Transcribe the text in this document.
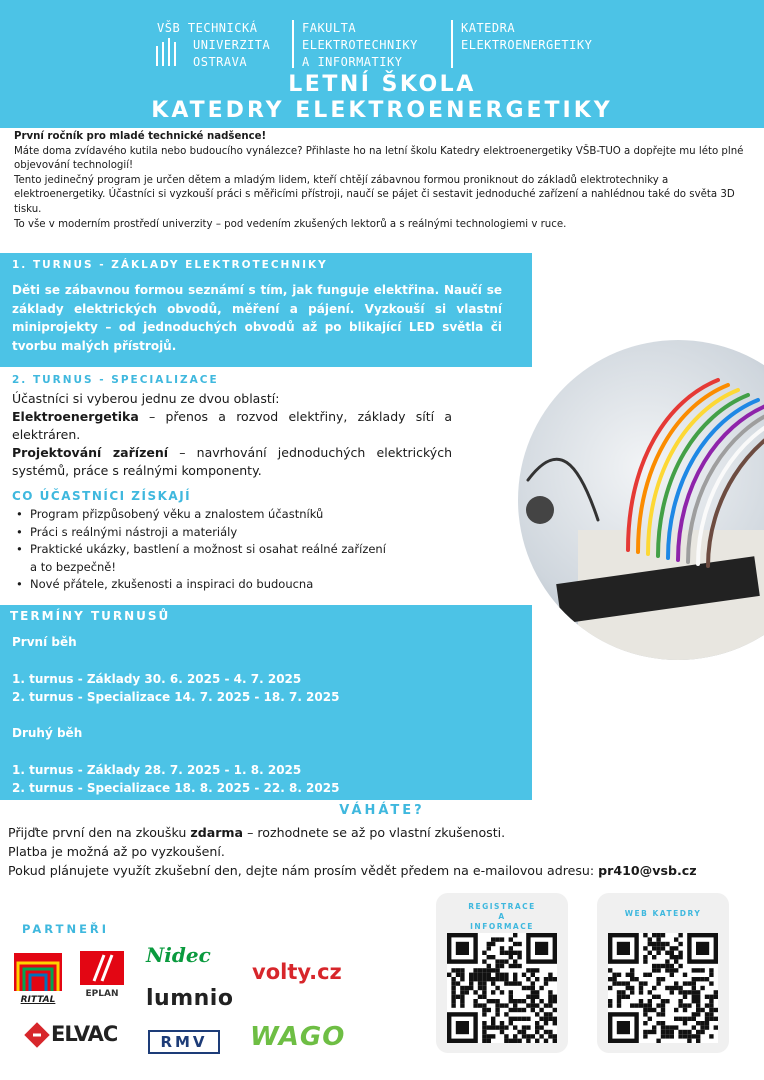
VŠB TECHNICKÁ
UNIVERZITA
OSTRAVA
FAKULTA
ELEKTROTECHNIKY
A INFORMATIKY
KATEDRA
ELEKTROENERGETIKY
LETNÍ ŠKOLA
KATEDRY ELEKTROENERGETIKY

První ročník pro mladé technické nadšence!

Máte doma zvídavého kutila nebo budoucího vynálezce? Přihlaste ho na letní školu Katedry elektroenergetiky VŠB-TUO a dopřejte mu léto plné objevování technologií!

Tento jedinečný program je určen dětem a mladým lidem, kteří chtějí zábavnou formou proniknout do základů elektrotechniky a elektroenergetiky. Účastníci si vyzkouší práci s měřicími přístroji, naučí se pájet či sestavit jednoduché zařízení a nahlédnou také do světa 3D tisku.

To vše v moderním prostředí univerzity – pod vedením zkušených lektorů a s reálnými technologiemi v ruce.

1. TURNUS - ZÁKLADY ELEKTROTECHNIKY
Děti se zábavnou formou seznámí s tím, jak funguje elektřina. Naučí se základy elektrických obvodů, měření a pájení. Vyzkouší si vlastní miniprojekty – od jednoduchých obvodů až po blikající LED světla či tvorbu malých přístrojů.
2. TURNUS - SPECIALIZACE

Účastníci si vyberou jednu ze dvou oblastí:

Elektroenergetika – přenos a rozvod elektřiny, základy sítí a elektráren.

Projektování zařízení – navrhování jednoduchých elektrických systémů, práce s reálnými komponenty.

CO ÚČASTNÍCI ZÍSKAJÍ
• Program přizpůsobený věku a znalostem účastníků
• Práci s reálnými nástroji a materiály
• Praktické ukázky, bastlení a možnost si osahat reálné zařízení a to bezpečně!
• Nové přátele, zkušenosti a inspiraci do budoucna
TERMÍNY TURNUSŮ
První běh
1. turnus - Základy 30. 6. 2025 - 4. 7. 2025
2. turnus - Specializace 14. 7. 2025 - 18. 7. 2025
Druhý běh
1. turnus - Základy 28. 7. 2025 - 1. 8. 2025
2. turnus - Specializace 18. 8. 2025 - 22. 8. 2025
VÁHÁTE?

Přijďte první den na zkoušku zdarma – rozhodnete se až po vlastní zkušenosti.

Platba je možná až po vyzkoušení.

Pokud plánujete využít zkušební den, dejte nám prosím vědět předem na e-mailovou adresu: pr410@vsb.cz

PARTNEŘI
RITTAL
EPLAN
Nidec
volty.cz
lumnio
ELVAC	RMV	WAGO
REGISTRACE
A
INFORMACE
WEB KATEDRY
